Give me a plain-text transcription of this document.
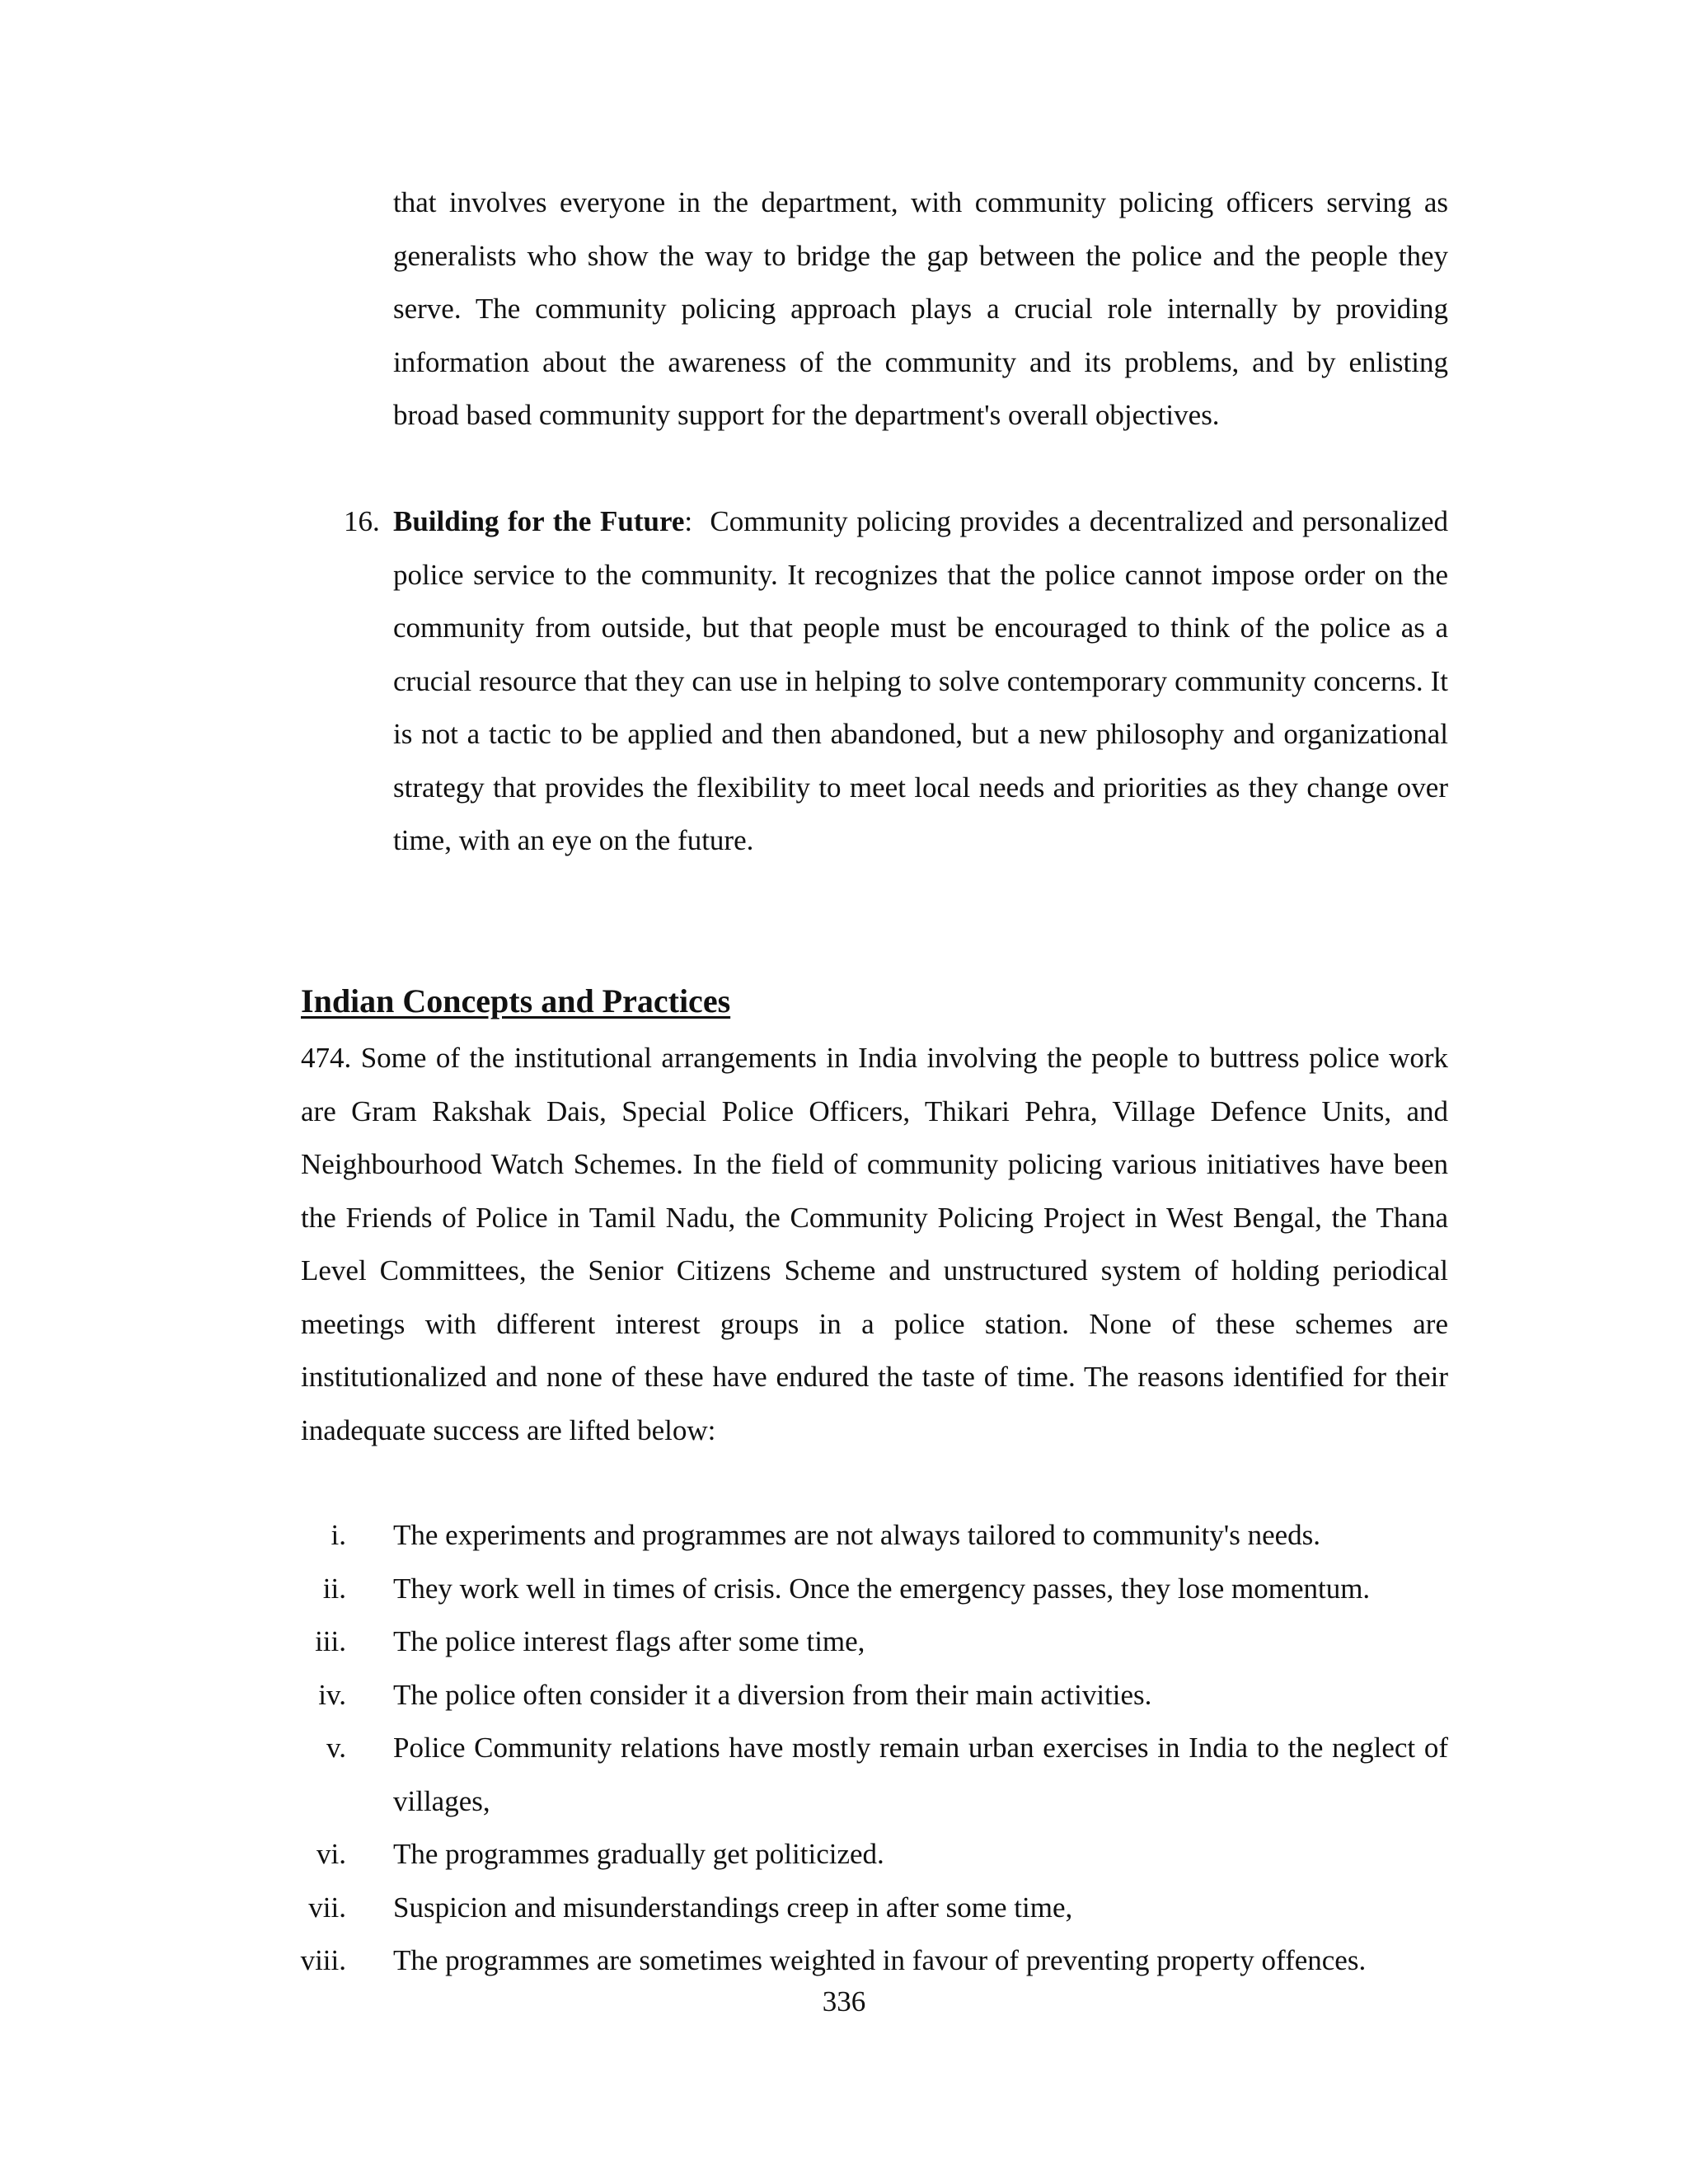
that involves everyone in the department, with community policing officers serving as generalists who show the way to bridge the gap between the police and the people they serve. The community policing approach plays a crucial role internally by providing information about the awareness of the community and its problems, and by enlisting broad based community support for the department's overall objectives.

16. Building for the Future: Community policing provides a decentralized and personalized police service to the community. It recognizes that the police cannot impose order on the community from outside, but that people must be encouraged to think of the police as a crucial resource that they can use in helping to solve contemporary community concerns. It is not a tactic to be applied and then abandoned, but a new philosophy and organizational strategy that provides the flexibility to meet local needs and priorities as they change over time, with an eye on the future.

Indian Concepts and Practices

474. Some of the institutional arrangements in India involving the people to buttress police work are Gram Rakshak Dais, Special Police Officers, Thikari Pehra, Village Defence Units, and Neighbourhood Watch Schemes. In the field of community policing various initiatives have been the Friends of Police in Tamil Nadu, the Community Policing Project in West Bengal, the Thana Level Committees, the Senior Citizens Scheme and unstructured system of holding periodical meetings with different interest groups in a police station. None of these schemes are institutionalized and none of these have endured the taste of time. The reasons identified for their inadequate success are lifted below:

i. The experiments and programmes are not always tailored to community's needs.
ii. They work well in times of crisis. Once the emergency passes, they lose momentum.
iii. The police interest flags after some time,
iv. The police often consider it a diversion from their main activities.
v. Police Community relations have mostly remain urban exercises in India to the neglect of villages,
vi. The programmes gradually get politicized.
vii. Suspicion and misunderstandings creep in after some time,
viii. The programmes are sometimes weighted in favour of preventing property offences.
336
